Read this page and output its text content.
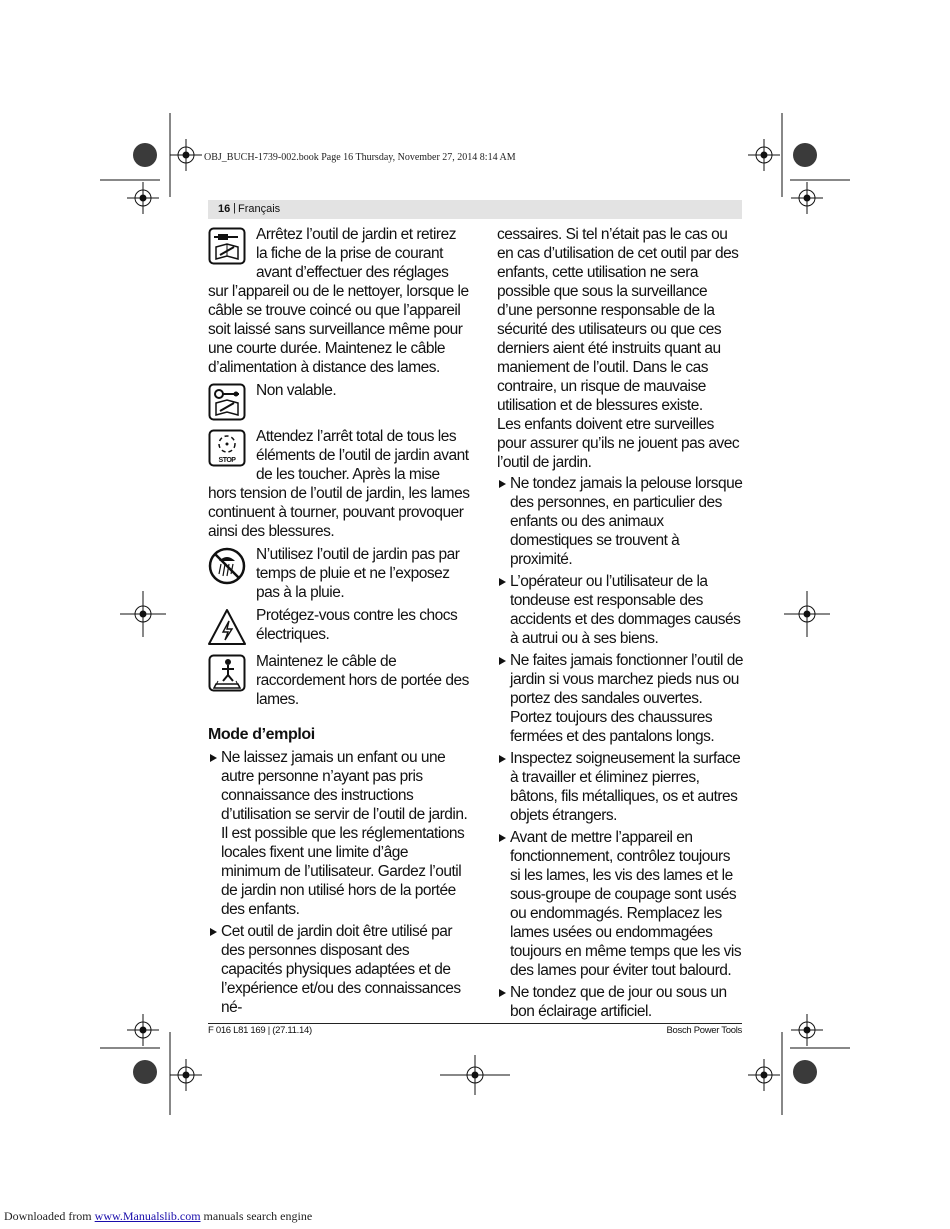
OBJ_BUCH-1739-002.book Page 16 Thursday, November 27, 2014 8:14 AM
16 | Français

Arrêtez l’outil de jardin et retirez la fiche de la prise de courant avant d’effectuer des réglages sur l’appareil ou de le nettoyer, lorsque le câble se trouve coincé ou que l’appareil soit laissé sans surveillance même pour une courte durée. Maintenez le câble d’alimentation à distance des lames.

Non valable.

STOP

Attendez l’arrêt total de tous les éléments de l’outil de jardin avant de les toucher. Après la mise hors tension de l’outil de jardin, les lames continuent à tourner, pouvant provoquer ainsi des blessures.

N’utilisez l’outil de jardin pas par temps de pluie et ne l’exposez pas à la pluie.

Protégez-vous contre les chocs électriques.

Maintenez le câble de raccordement hors de portée des lames.

Mode d’emploi
Ne laissez jamais un enfant ou une autre personne n’ayant pas pris connaissance des instructions d’utilisation se servir de l’outil de jardin. Il est possible que les réglementations locales fixent une limite d’âge minimum de l’utilisateur. Gardez l’outil de jardin non utilisé hors de la portée des enfants.
Cet outil de jardin doit être utilisé par des personnes disposant des capacités physiques adaptées et de l’expérience et/ou des connaissances né-

cessaires. Si tel n’était pas le cas ou en cas d’utilisation de cet outil par des enfants, cette utilisation ne sera possible que sous la surveillance d’une personne responsable de la sécurité des utilisateurs ou que ces derniers aient été instruits quant au maniement de l’outil. Dans le cas contraire, un risque de mauvaise utilisation et de blessures existe.

Les enfants doivent etre surveilles pour assurer qu’ils ne jouent pas avec l’outil de jardin.

Ne tondez jamais la pelouse lorsque des personnes, en particulier des enfants ou des animaux domestiques se trouvent à proximité.
L’opérateur ou l’utilisateur de la tondeuse est responsable des accidents et des dommages causés à autrui ou à ses biens.
Ne faites jamais fonctionner l’outil de jardin si vous marchez pieds nus ou portez des sandales ouvertes. Portez toujours des chaussures fermées et des pantalons longs.
Inspectez soigneusement la surface à travailler et éliminez pierres, bâtons, fils métalliques, os et autres objets étrangers.
Avant de mettre l’appareil en fonctionnement, contrôlez toujours si les lames, les vis des lames et le sous-groupe de coupage sont usés ou endommagés. Remplacez les lames usées ou endommagées toujours en même temps que les vis des lames pour éviter tout balourd.
Ne tondez que de jour ou sous un bon éclairage artificiel.
F 016 L81 169 | (27.11.14)	Bosch Power Tools
Downloaded from www.Manualslib.com manuals search engine
